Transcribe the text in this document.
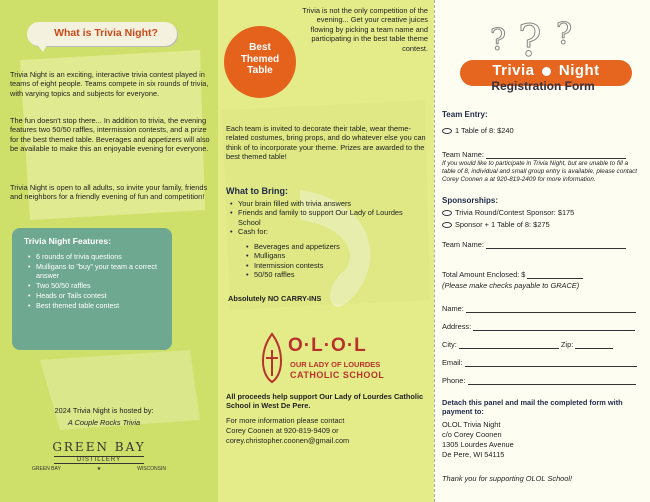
What is Trivia Night?
Trivia Night is an exciting, interactive trivia contest played in teams of eight people. Teams compete in six rounds of trivia, with varying topics and subjects for everyone.
The fun doesn't stop there... In addition to trivia, the evening features two 50/50 raffles, intermission contests, and a prize for the best themed table. Beverages and appetizers will also be available to make this an enjoyable evening for everyone.
Trivia Night is open to all adults, so invite your family, friends and neighbors for a friendly evening of fun and competition!
Trivia Night Features:
• 6 rounds of trivia questions
• Mulligans to "buy" your team a correct answer
• Two 50/50 raffles
• Heads or Tails contest
• Best themed table contest
2024 Trivia Night is hosted by:
A Couple Rocks Trivia
GREEN BAY
DISTILLERY
GREEN BAY	★	WISCONSIN
Best
Themed
Table
Trivia is not the only competition of the evening... Get your creative juices flowing by picking a team name and participating in the best table theme contest.
Each team is invited to decorate their table, wear theme-related costumes, bring props, and do whatever else you can think of to incorporate your theme. Prizes are awarded to the best themed table!
What to Bring:
• Your brain filled with trivia answers
• Friends and family to support Our Lady of Lourdes School
• Cash for:
• Beverages and appetizers
• Mulligans
• Intermission contests
• 50/50 raffles
Absolutely NO CARRY-INS
O·L·O·L
OUR LADY OF LOURDES
CATHOLIC SCHOOL
All proceeds help support Our Lady of Lourdes Catholic School in West De Pere.
For more information please contact
Corey Coonen at 920-819-9409 or
corey.christopher.coonen@gmail.com
? ? ?
Trivia Night
Registration Form
Team Entry:
1 Table of 8: $240
Team Name:
If you would like to participate in Trivia Night, but are unable to fill a table of 8, individual and small group entry is available, please contact Corey Coonen a at 920-819-2409 for more information.
Sponsorships:
Trivia Round/Contest Sponsor: $175
Sponsor + 1 Table of 8: $275
Team Name:
Total Amount Enclosed: $
(Please make checks payable to GRACE)
Name:
Address:
City:	Zip:
Email:
Phone:
Detach this panel and mail the completed form with payment to:
OLOL Trivia Night
c/o Corey Coonen
1305 Lourdes Avenue
De Pere, WI 54115
Thank you for supporting OLOL School!
